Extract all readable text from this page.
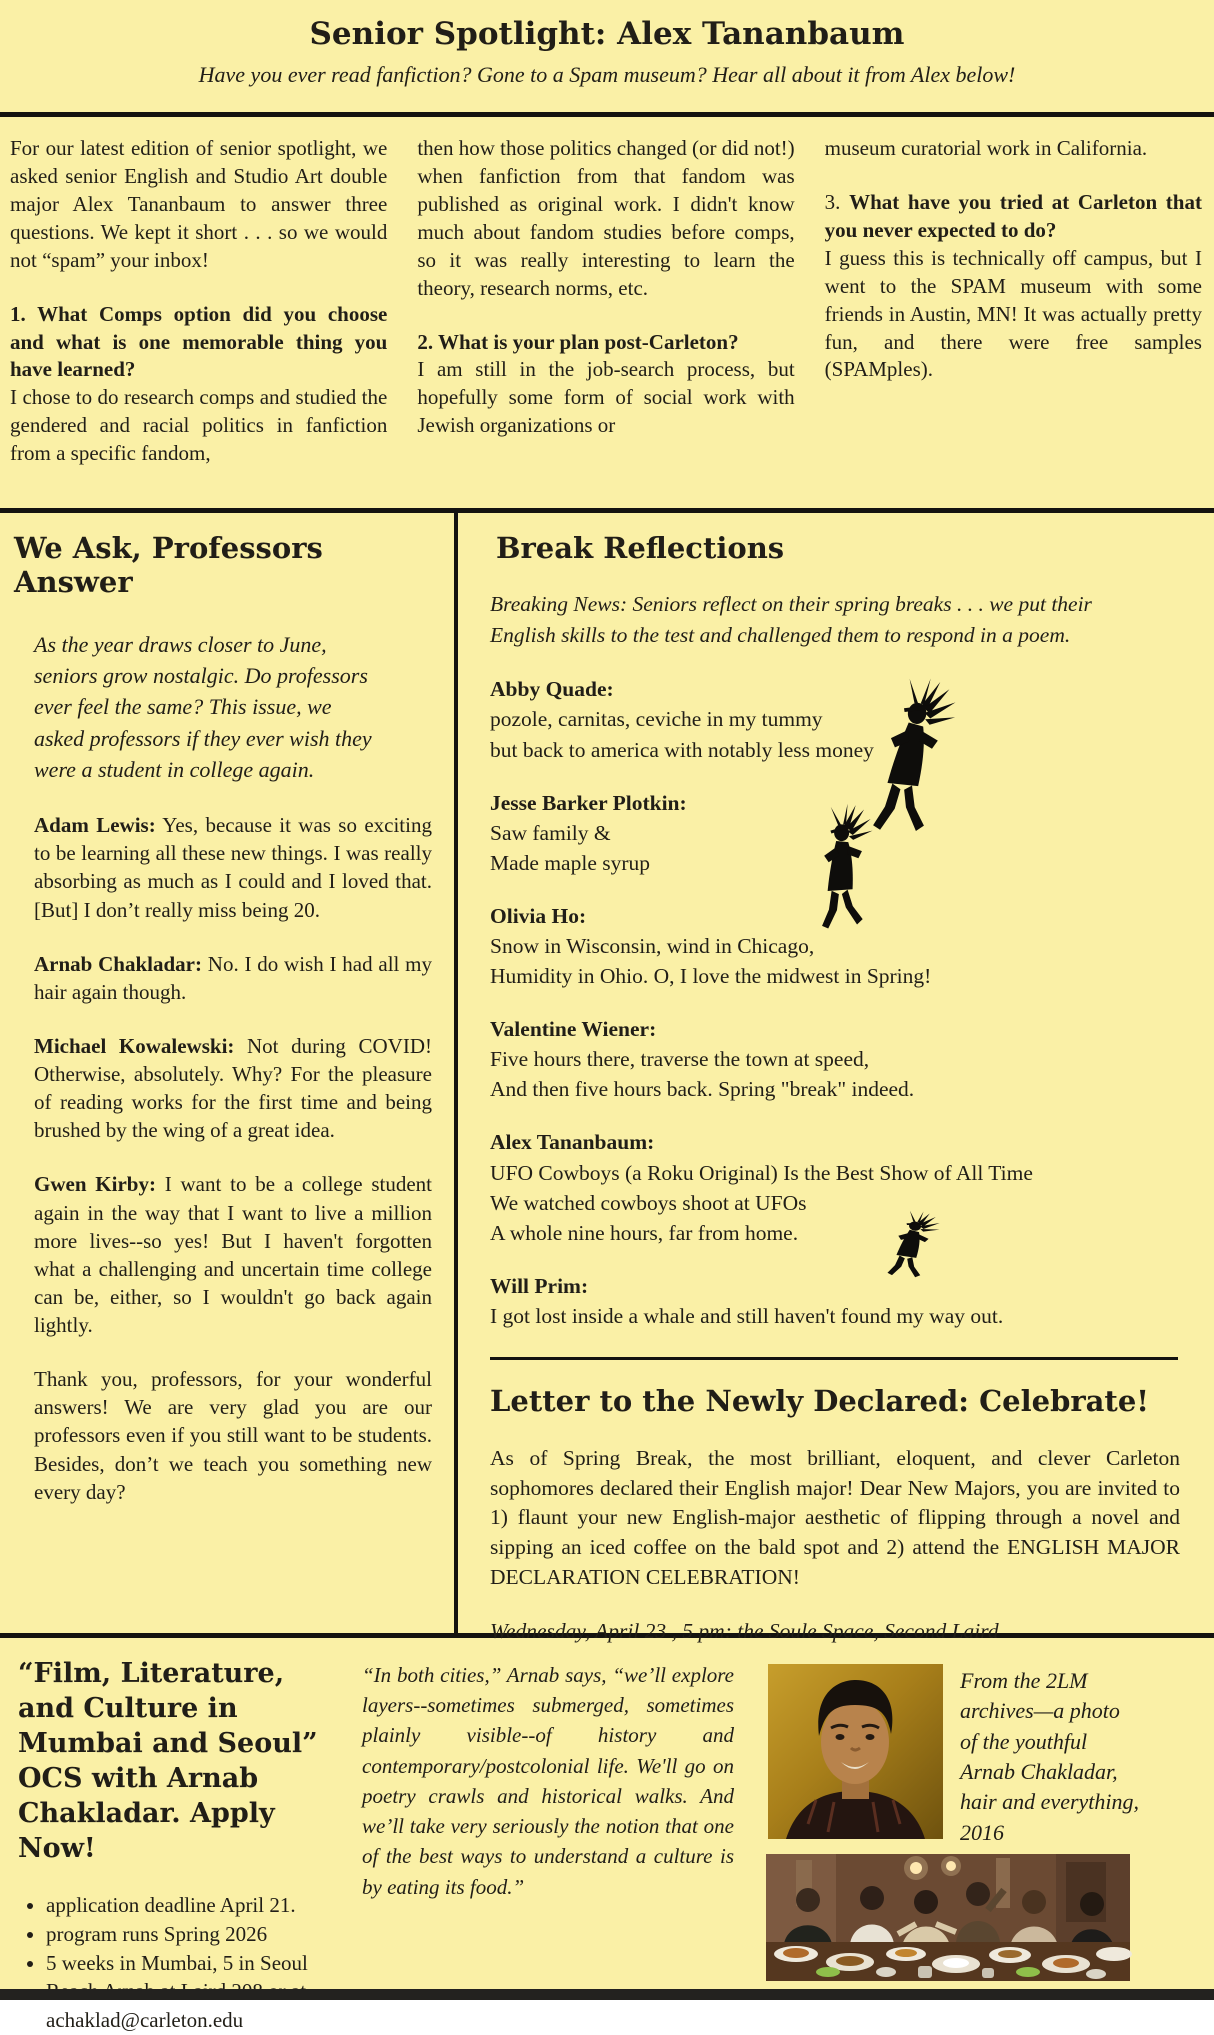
Senior Spotlight: Alex Tananbaum
Have you ever read fanfiction? Gone to a Spam museum? Hear all about it from Alex below!

For our latest edition of senior spotlight, we asked senior English and Studio Art double major Alex Tananbaum to answer three questions. We kept it short . . . so we would not “spam” your inbox!

1. What Comps option did you choose and what is one memorable thing you have learned?

I chose to do research comps and studied the gendered and racial politics in fanfiction from a specific fandom,

then how those politics changed (or did not!) when fanfiction from that fandom was published as original work. I didn't know much about fandom studies before comps, so it was really interesting to learn the theory, research norms, etc.

2. What is your plan post-Carleton?

I am still in the job-search process, but hopefully some form of social work with Jewish organizations or

museum curatorial work in California.

3. What have you tried at Carleton that you never expected to do?

I guess this is technically off campus, but I went to the SPAM museum with some friends in Austin, MN! It was actually pretty fun, and there were free samples (SPAMples).

We Ask, Professors Answer
As the year draws closer to June, seniors grow nostalgic. Do professors ever feel the same? This issue, we asked professors if they ever wish they were a student in college again.

Adam Lewis: Yes, because it was so exciting to be learning all these new things. I was really absorbing as much as I could and I loved that. [But] I don’t really miss being 20.

Arnab Chakladar: No. I do wish I had all my hair again though.

Michael Kowalewski: Not during COVID! Otherwise, absolutely. Why? For the pleasure of reading works for the first time and being brushed by the wing of a great idea.

Gwen Kirby: I want to be a college student again in the way that I want to live a million more lives--so yes! But I haven't forgotten what a challenging and uncertain time college can be, either, so I wouldn't go back again lightly.

Thank you, professors, for your wonderful answers! We are very glad you are our professors even if you still want to be students. Besides, don’t we teach you something new every day?

Break Reflections
Breaking News: Seniors reflect on their spring breaks . . . we put their English skills to the test and challenged them to respond in a poem.
Abby Quade:
pozole, carnitas, ceviche in my tummy
but back to america with notably less money
Jesse Barker Plotkin:
Saw family &
Made maple syrup
Olivia Ho:
Snow in Wisconsin, wind in Chicago,
Humidity in Ohio. O, I love the midwest in Spring!
Valentine Wiener:
Five hours there, traverse the town at speed,
And then five hours back. Spring "break" indeed.
Alex Tananbaum:
UFO Cowboys (a Roku Original) Is the Best Show of All Time
We watched cowboys shoot at UFOs
A whole nine hours, far from home.
Will Prim:
I got lost inside a whale and still haven't found my way out.
Letter to the Newly Declared: Celebrate!

As of Spring Break, the most brilliant, eloquent, and clever Carleton sophomores declared their English major! Dear New Majors, you are invited to 1) flaunt your new English-major aesthetic of flipping through a novel and sipping an iced coffee on the bald spot and 2) attend the ENGLISH MAJOR DECLARATION CELEBRATION!

Wednesday, April 23 , 5 pm: the Soule Space, Second Laird
“Film, Literature, and Culture in Mumbai and Seoul” OCS with Arnab Chakladar. Apply Now!
• application deadline April 21.
• program runs Spring 2026
• 5 weeks in Mumbai, 5 in Seoul
• achaklad@carleton.edu
“In both cities,” Arnab says, “we’ll explore layers--sometimes submerged, sometimes plainly visible--of history and contemporary/postcolonial life. We'll go on poetry crawls and historical walks. And we’ll take very seriously the notion that one of the best ways to understand a culture is by eating its food.”
From the 2LM archives—a photo of the youthful Arnab Chakladar, hair and everything, 2016
